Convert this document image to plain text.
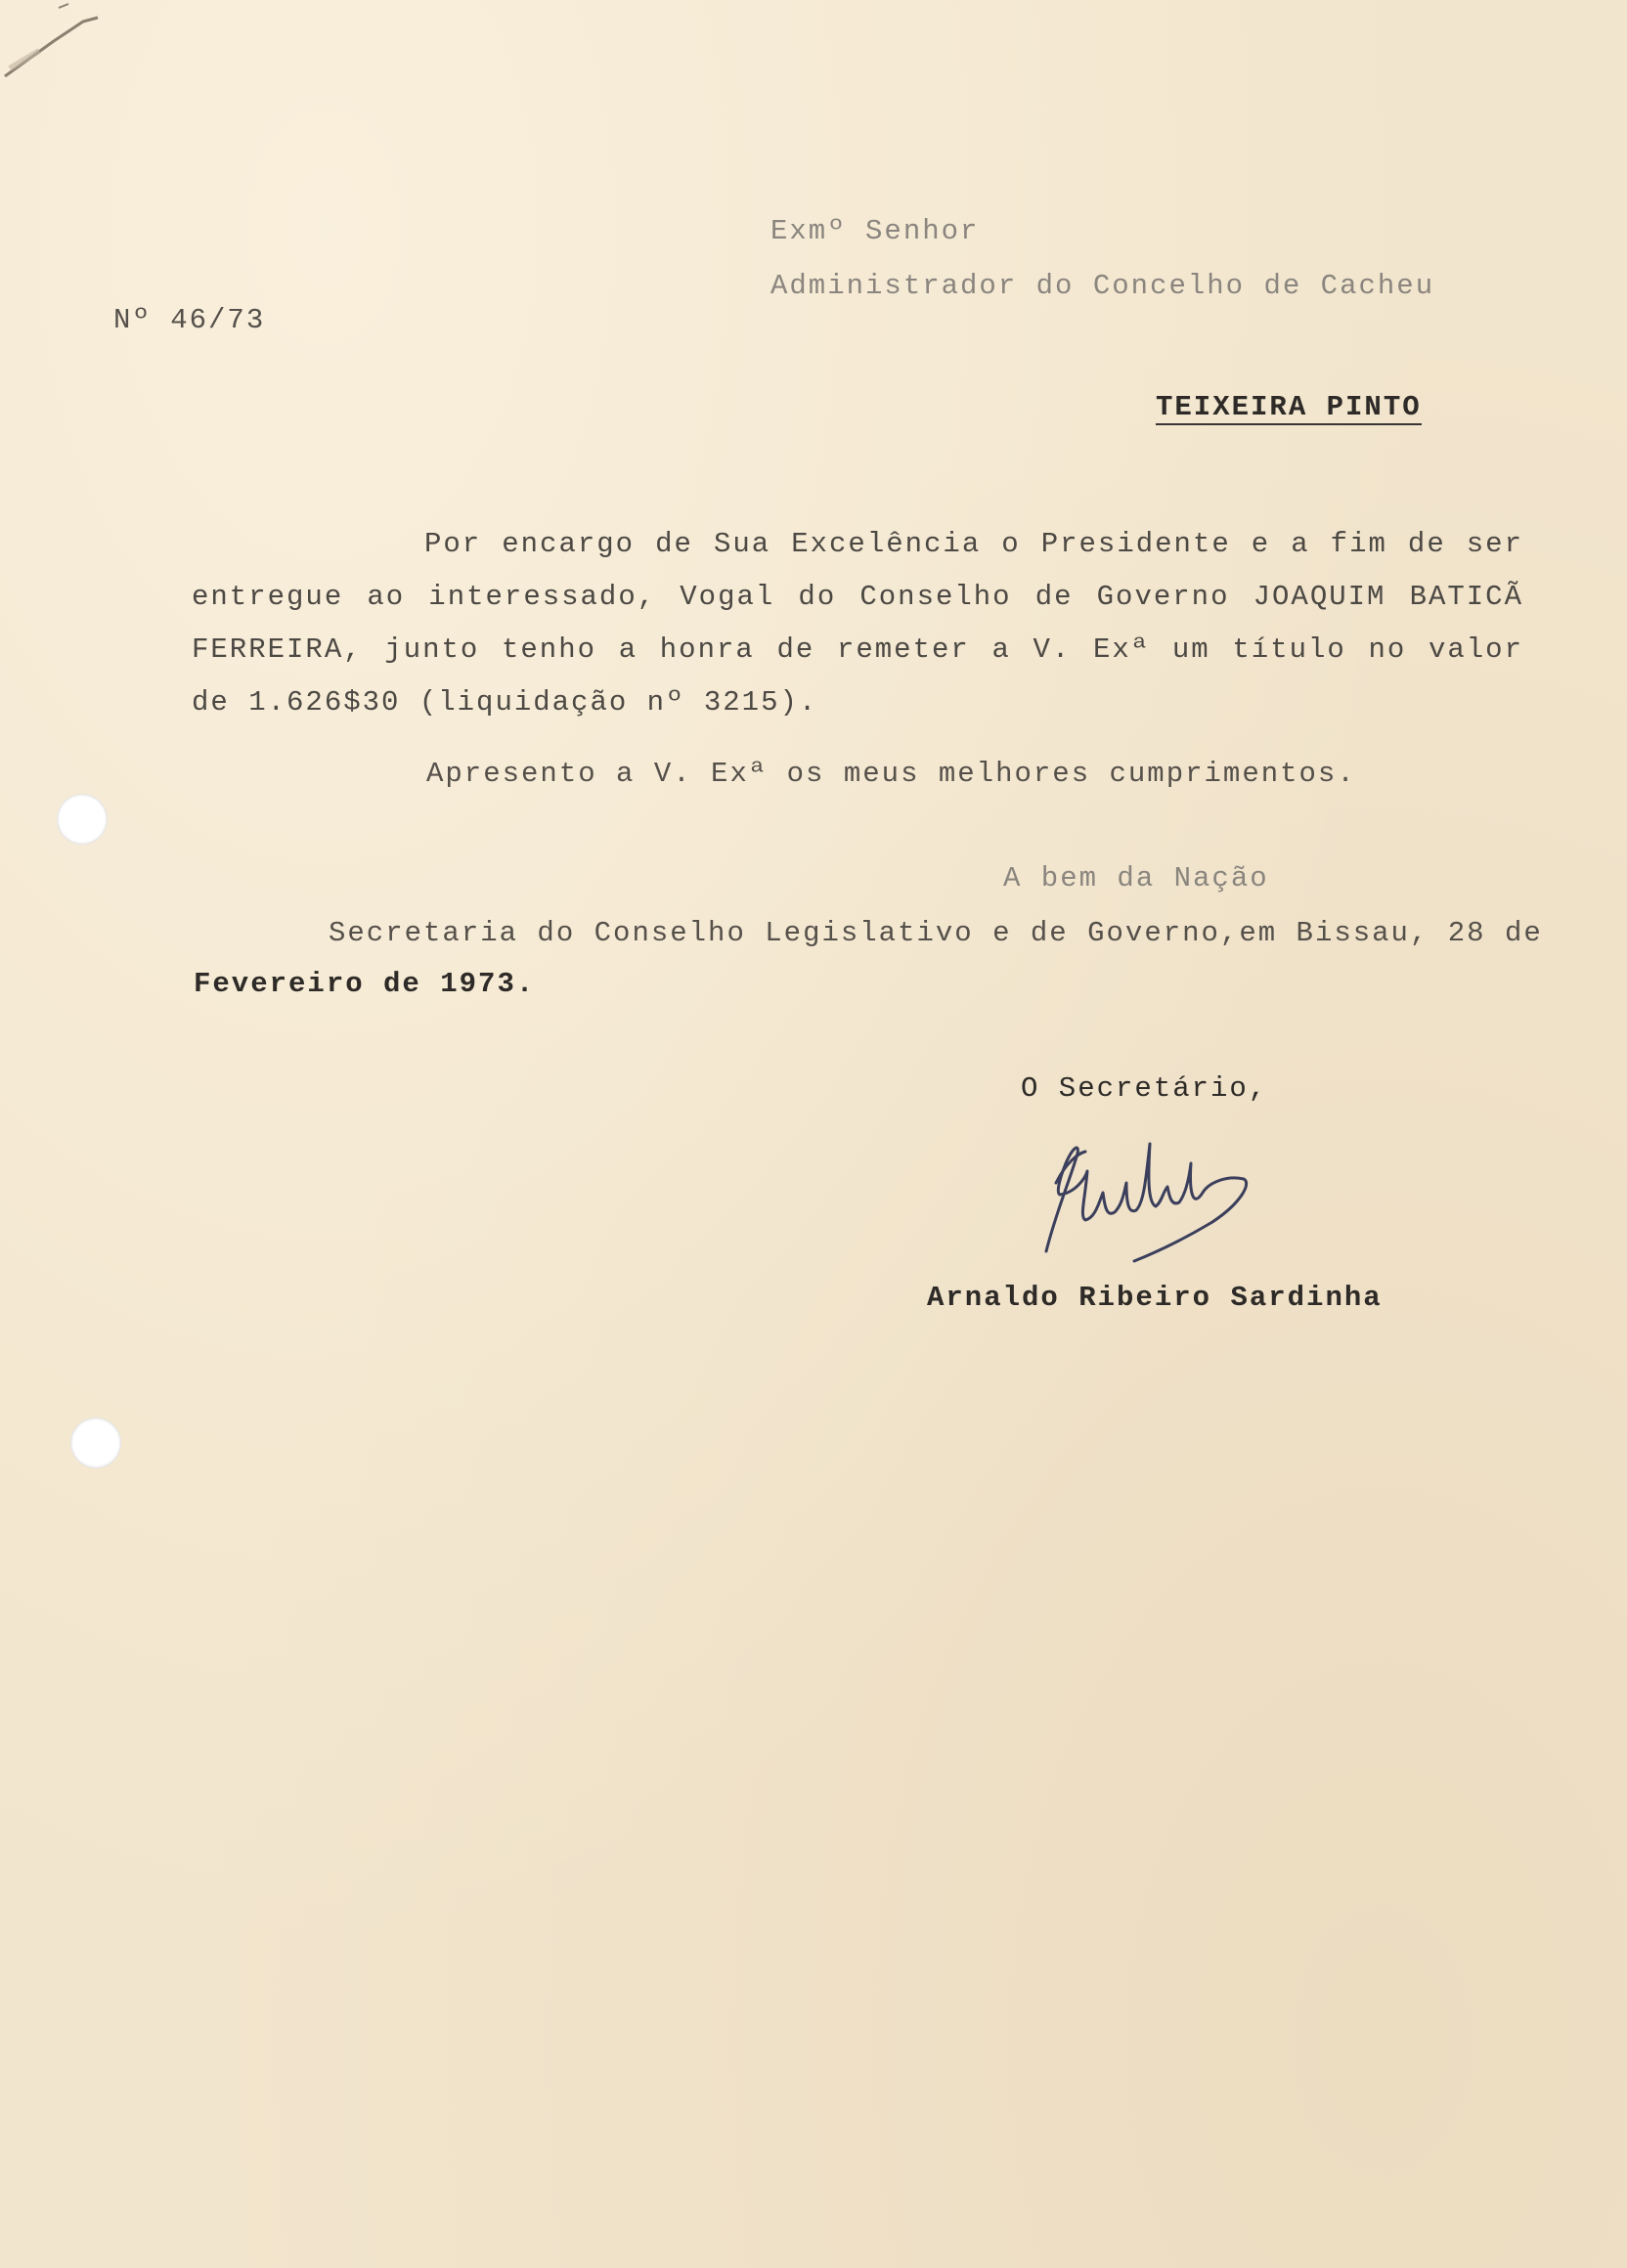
Exmº Senhor
Administrador do Concelho de Cacheu
Nº 46/73
TEIXEIRA PINTO
Por encargo de Sua Excelência o Presidente e a fim de ser
entregue ao interessado, Vogal do Conselho de Governo JOAQUIM BATICÃ
FERREIRA, junto tenho a honra de remeter a V. Exª um título no valor
de 1.626$30 (liquidação nº 3215).
Apresento a V. Exª os meus melhores cumprimentos.
A bem da Nação
Secretaria do Conselho Legislativo e de Governo,em Bissau, 28 de
Fevereiro de 1973.
O Secretário,
Arnaldo Ribeiro Sardinha
